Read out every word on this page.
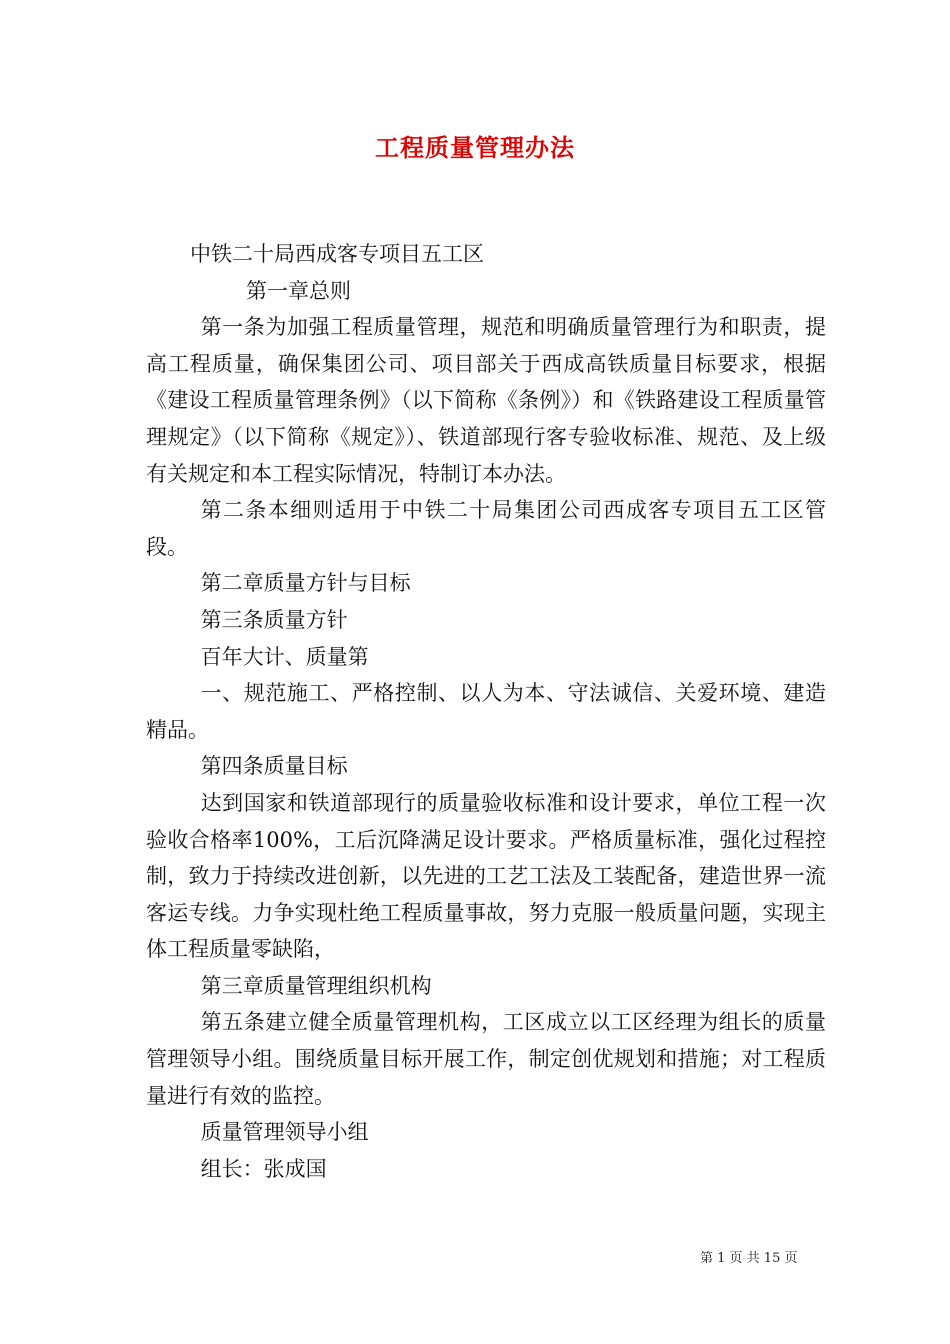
工程质量管理办法

中铁二十局西成客专项目五工区

第一章总则

第一条为加强工程质量管理，规范和明确质量管理行为和职责，提高工程质量，确保集团公司、项目部关于西成高铁质量目标要求，根据《建设工程质量管理条例》（以下简称《条例》）和《铁路建设工程质量管理规定》（以下简称《规定》）、铁道部现行客专验收标准、规范、及上级有关规定和本工程实际情况，特制订本办法。

第二条本细则适用于中铁二十局集团公司西成客专项目五工区管段。

第二章质量方针与目标

第三条质量方针

百年大计、质量第

一、规范施工、严格控制、以人为本、守法诚信、关爱环境、建造精品。

第四条质量目标

达到国家和铁道部现行的质量验收标准和设计要求，单位工程一次验收合格率100%，工后沉降满足设计要求。严格质量标准，强化过程控制，致力于持续改进创新，以先进的工艺工法及工装配备，建造世界一流客运专线。力争实现杜绝工程质量事故，努力克服一般质量问题，实现主体工程质量零缺陷，

第三章质量管理组织机构

第五条建立健全质量管理机构，工区成立以工区经理为组长的质量管理领导小组。围绕质量目标开展工作，制定创优规划和措施；对工程质量进行有效的监控。

质量管理领导小组

组长：张成国

第 1 页 共 15 页
